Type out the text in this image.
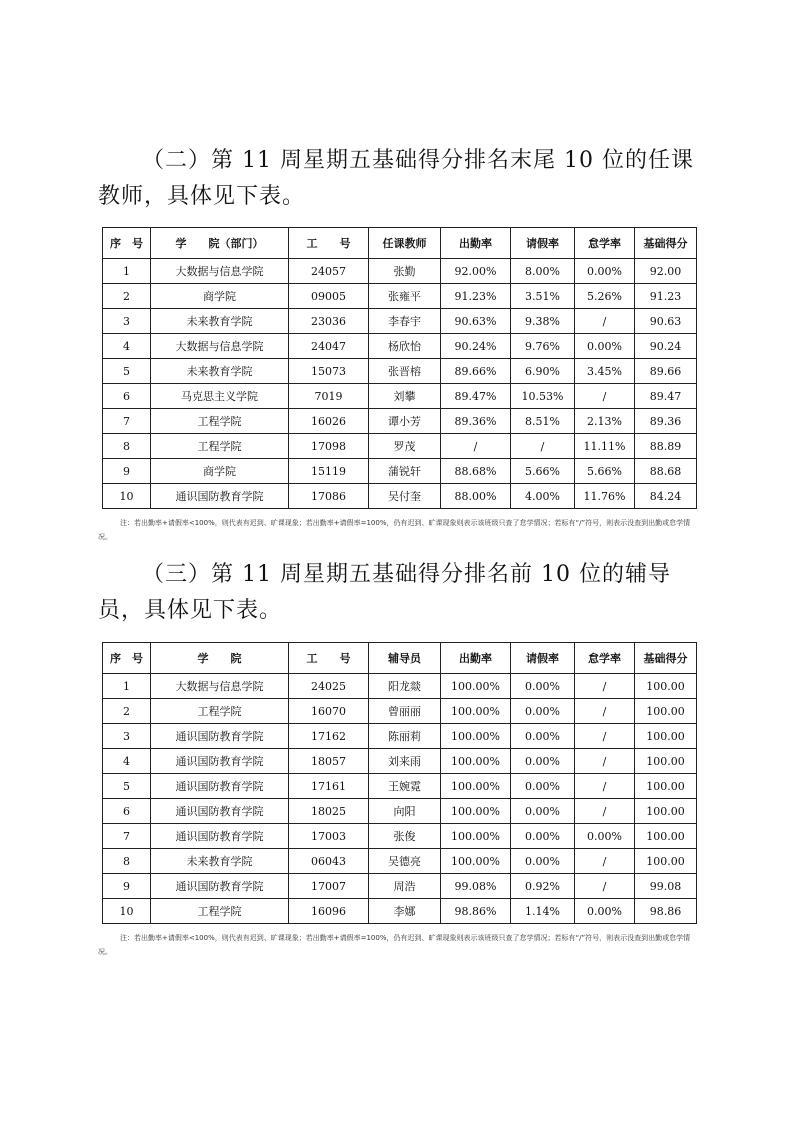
（二）第 11 周星期五基础得分排名末尾 10 位的任课教师，具体见下表。

序　号	学　　院（部门）	工　　号	任课教师	出勤率	请假率	怠学率	基础得分
1	大数据与信息学院	24057	张勤	92.00%	8.00%	0.00%	92.00
2	商学院	09005	张雍平	91.23%	3.51%	5.26%	91.23
3	未来教育学院	23036	李春宇	90.63%	9.38%	/	90.63
4	大数据与信息学院	24047	杨欣怡	90.24%	9.76%	0.00%	90.24
5	未来教育学院	15073	张晋榕	89.66%	6.90%	3.45%	89.66
6	马克思主义学院	7019	刘攀	89.47%	10.53%	/	89.47
7	工程学院	16026	谭小芳	89.36%	8.51%	2.13%	89.36
8	工程学院	17098	罗茂	/	/	11.11%	88.89
9	商学院	15119	蒲锐轩	88.68%	5.66%	5.66%	88.68
10	通识国防教育学院	17086	吴付奎	88.00%	4.00%	11.76%	84.24

注：若出勤率+请假率<100%，则代表有迟到、旷课现象；若出勤率+请假率=100%，仍有迟到、旷课现象则表示该班级只查了怠学情况；若标有“/”符号，则表示没查到出勤或怠学情况。

（三）第 11 周星期五基础得分排名前 10 位的辅导员，具体见下表。

序　号	学　　院	工　　号	辅导员	出勤率	请假率	怠学率	基础得分
1	大数据与信息学院	24025	阳龙燚	100.00%	0.00%	/	100.00
2	工程学院	16070	曾丽丽	100.00%	0.00%	/	100.00
3	通识国防教育学院	17162	陈丽莉	100.00%	0.00%	/	100.00
4	通识国防教育学院	18057	刘来雨	100.00%	0.00%	/	100.00
5	通识国防教育学院	17161	王婉霓	100.00%	0.00%	/	100.00
6	通识国防教育学院	18025	向阳	100.00%	0.00%	/	100.00
7	通识国防教育学院	17003	张俊	100.00%	0.00%	0.00%	100.00
8	未来教育学院	06043	吴德亮	100.00%	0.00%	/	100.00
9	通识国防教育学院	17007	周浩	99.08%	0.92%	/	99.08
10	工程学院	16096	李娜	98.86%	1.14%	0.00%	98.86

注：若出勤率+请假率<100%，则代表有迟到、旷课现象；若出勤率+请假率=100%，仍有迟到、旷课现象则表示该班级只查了怠学情况；若标有“/”符号，则表示没查到出勤或怠学情况。
